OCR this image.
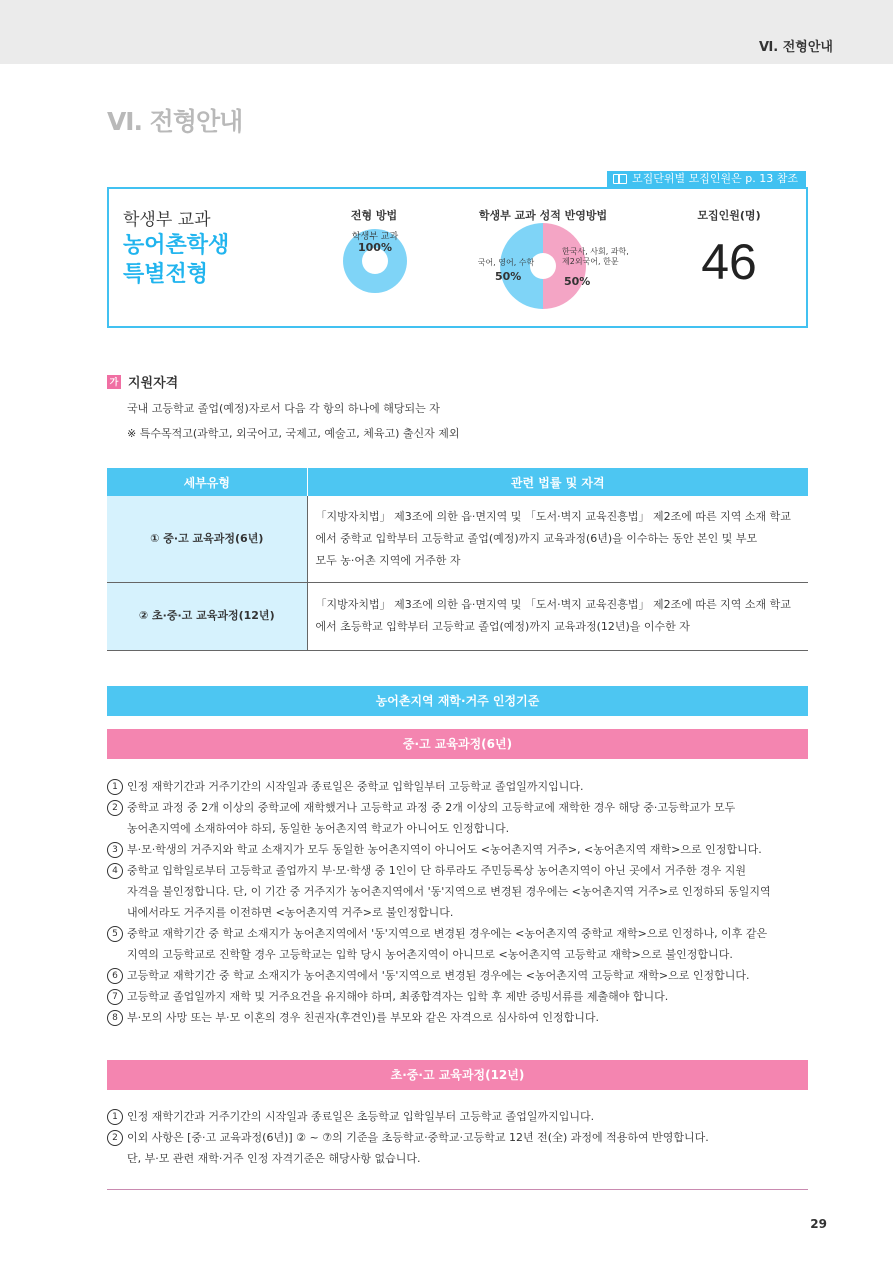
Ⅵ. 전형안내
Ⅵ. 전형안내
모집단위별 모집인원은 p. 13 참조
학생부 교과
농어촌학생
특별전형
전형 방법
학생부 교과
100%
학생부 교과 성적 반영방법
국어, 영어, 수학
50%
한국사, 사회, 과학,
제2외국어, 한문
50%
모집인원(명)
46
가 지원자격
국내 고등학교 졸업(예정)자로서 다음 각 항의 하나에 해당되는 자
※ 특수목적고(과학고, 외국어고, 국제고, 예술고, 체육고) 출신자 제외
세부유형	관련 법률 및 자격
① 중·고 교육과정(6년)	「지방자치법」 제3조에 의한 읍·면지역 및 「도서·벽지 교육진흥법」 제2조에 따른 지역 소재 학교
에서 중학교 입학부터 고등학교 졸업(예정)까지 교육과정(6년)을 이수하는 동안 본인 및 부모
모두 농·어촌 지역에 거주한 자

② 초·중·고 교육과정(12년)	「지방자치법」 제3조에 의한 읍·면지역 및 「도서·벽지 교육진흥법」 제2조에 따른 지역 소재 학교
에서 초등학교 입학부터 고등학교 졸업(예정)까지 교육과정(12년)을 이수한 자
농어촌지역 재학·거주 인정기준
중·고 교육과정(6년)
1 인정 재학기간과 거주기간의 시작일과 종료일은 중학교 입학일부터 고등학교 졸업일까지입니다.
2 중학교 과정 중 2개 이상의 중학교에 재학했거나 고등학교 과정 중 2개 이상의 고등학교에 재학한 경우 해당 중·고등학교가 모두
농어촌지역에 소재하여야 하되, 동일한 농어촌지역 학교가 아니어도 인정합니다.
3 부·모·학생의 거주지와 학교 소재지가 모두 동일한 농어촌지역이 아니어도 <농어촌지역 거주>, <농어촌지역 재학>으로 인정합니다.
4 중학교 입학일로부터 고등학교 졸업까지 부·모·학생 중 1인이 단 하루라도 주민등록상 농어촌지역이 아닌 곳에서 거주한 경우 지원
자격을 불인정합니다. 단, 이 기간 중 거주지가 농어촌지역에서 '동'지역으로 변경된 경우에는 <농어촌지역 거주>로 인정하되 동일지역
내에서라도 거주지를 이전하면 <농어촌지역 거주>로 불인정합니다.
5 중학교 재학기간 중 학교 소재지가 농어촌지역에서 '동'지역으로 변경된 경우에는 <농어촌지역 중학교 재학>으로 인정하나, 이후 같은
지역의 고등학교로 진학할 경우 고등학교는 입학 당시 농어촌지역이 아니므로 <농어촌지역 고등학교 재학>으로 불인정합니다.
6 고등학교 재학기간 중 학교 소재지가 농어촌지역에서 '동'지역으로 변경된 경우에는 <농어촌지역 고등학교 재학>으로 인정합니다.
7 고등학교 졸업일까지 재학 및 거주요건을 유지해야 하며, 최종합격자는 입학 후 제반 증빙서류를 제출해야 합니다.
8 부·모의 사망 또는 부·모 이혼의 경우 친권자(후견인)를 부모와 같은 자격으로 심사하여 인정합니다.
초·중·고 교육과정(12년)
1 인정 재학기간과 거주기간의 시작일과 종료일은 초등학교 입학일부터 고등학교 졸업일까지입니다.
2 이외 사항은 [중·고 교육과정(6년)] ② ~ ⑦의 기준을 초등학교·중학교·고등학교 12년 전(全) 과정에 적용하여 반영합니다.
단, 부·모 관련 재학·거주 인정 자격기준은 해당사항 없습니다.
29
